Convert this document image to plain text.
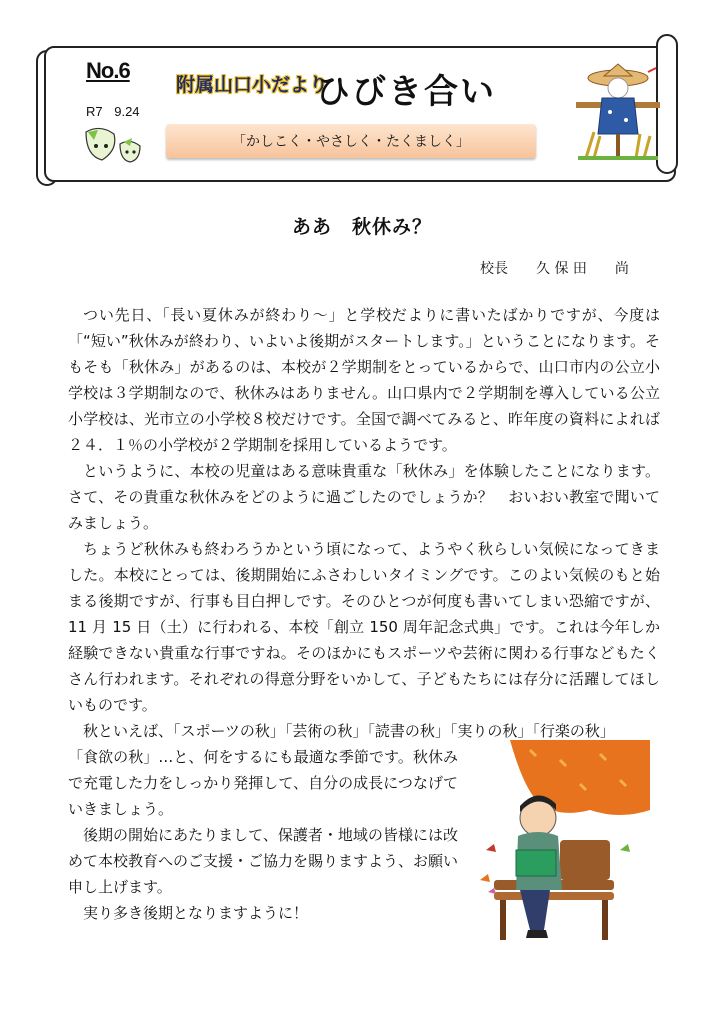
No.6
R7 9.24
附属山口小だより
ひびき合い
「かしこく・やさしく・たくましく」
ああ　秋休み？
校長　　久 保 田　　尚

つい先日、「長い夏休みが終わり～」と学校だよりに書いたばかりですが、今度は「“短い”秋休みが終わり、いよいよ後期がスタートします。」ということになります。そもそも「秋休み」があるのは、本校が２学期制をとっているからで、山口市内の公立小学校は３学期制なので、秋休みはありません。山口県内で２学期制を導入している公立小学校は、光市立の小学校８校だけです。全国で調べてみると、昨年度の資料によれば２４．１％の小学校が２学期制を採用しているようです。

というように、本校の児童はある意味貴重な「秋休み」を体験したことになります。さて、その貴重な秋休みをどのように過ごしたのでしょうか？　おいおい教室で聞いてみましょう。

ちょうど秋休みも終わろうかという頃になって、ようやく秋らしい気候になってきました。本校にとっては、後期開始にふさわしいタイミングです。このよい気候のもと始まる後期ですが、行事も目白押しです。そのひとつが何度も書いてしまい恐縮ですが、11 月 15 日（土）に行われる、本校「創立 150 周年記念式典」です。これは今年しか経験できない貴重な行事ですね。そのほかにもスポーツや芸術に関わる行事などもたくさん行われます。それぞれの得意分野をいかして、子どもたちには存分に活躍してほしいものです。

秋といえば、「スポーツの秋」「芸術の秋」「読書の秋」「実りの秋」「行楽の秋」

「食欲の秋」…と、何をするにも最適な季節です。秋休みで充電した力をしっかり発揮して、自分の成長につなげていきましょう。

後期の開始にあたりまして、保護者・地域の皆様には改めて本校教育へのご支援・ご協力を賜りますよう、お願い申し上げます。

実り多き後期となりますように！
